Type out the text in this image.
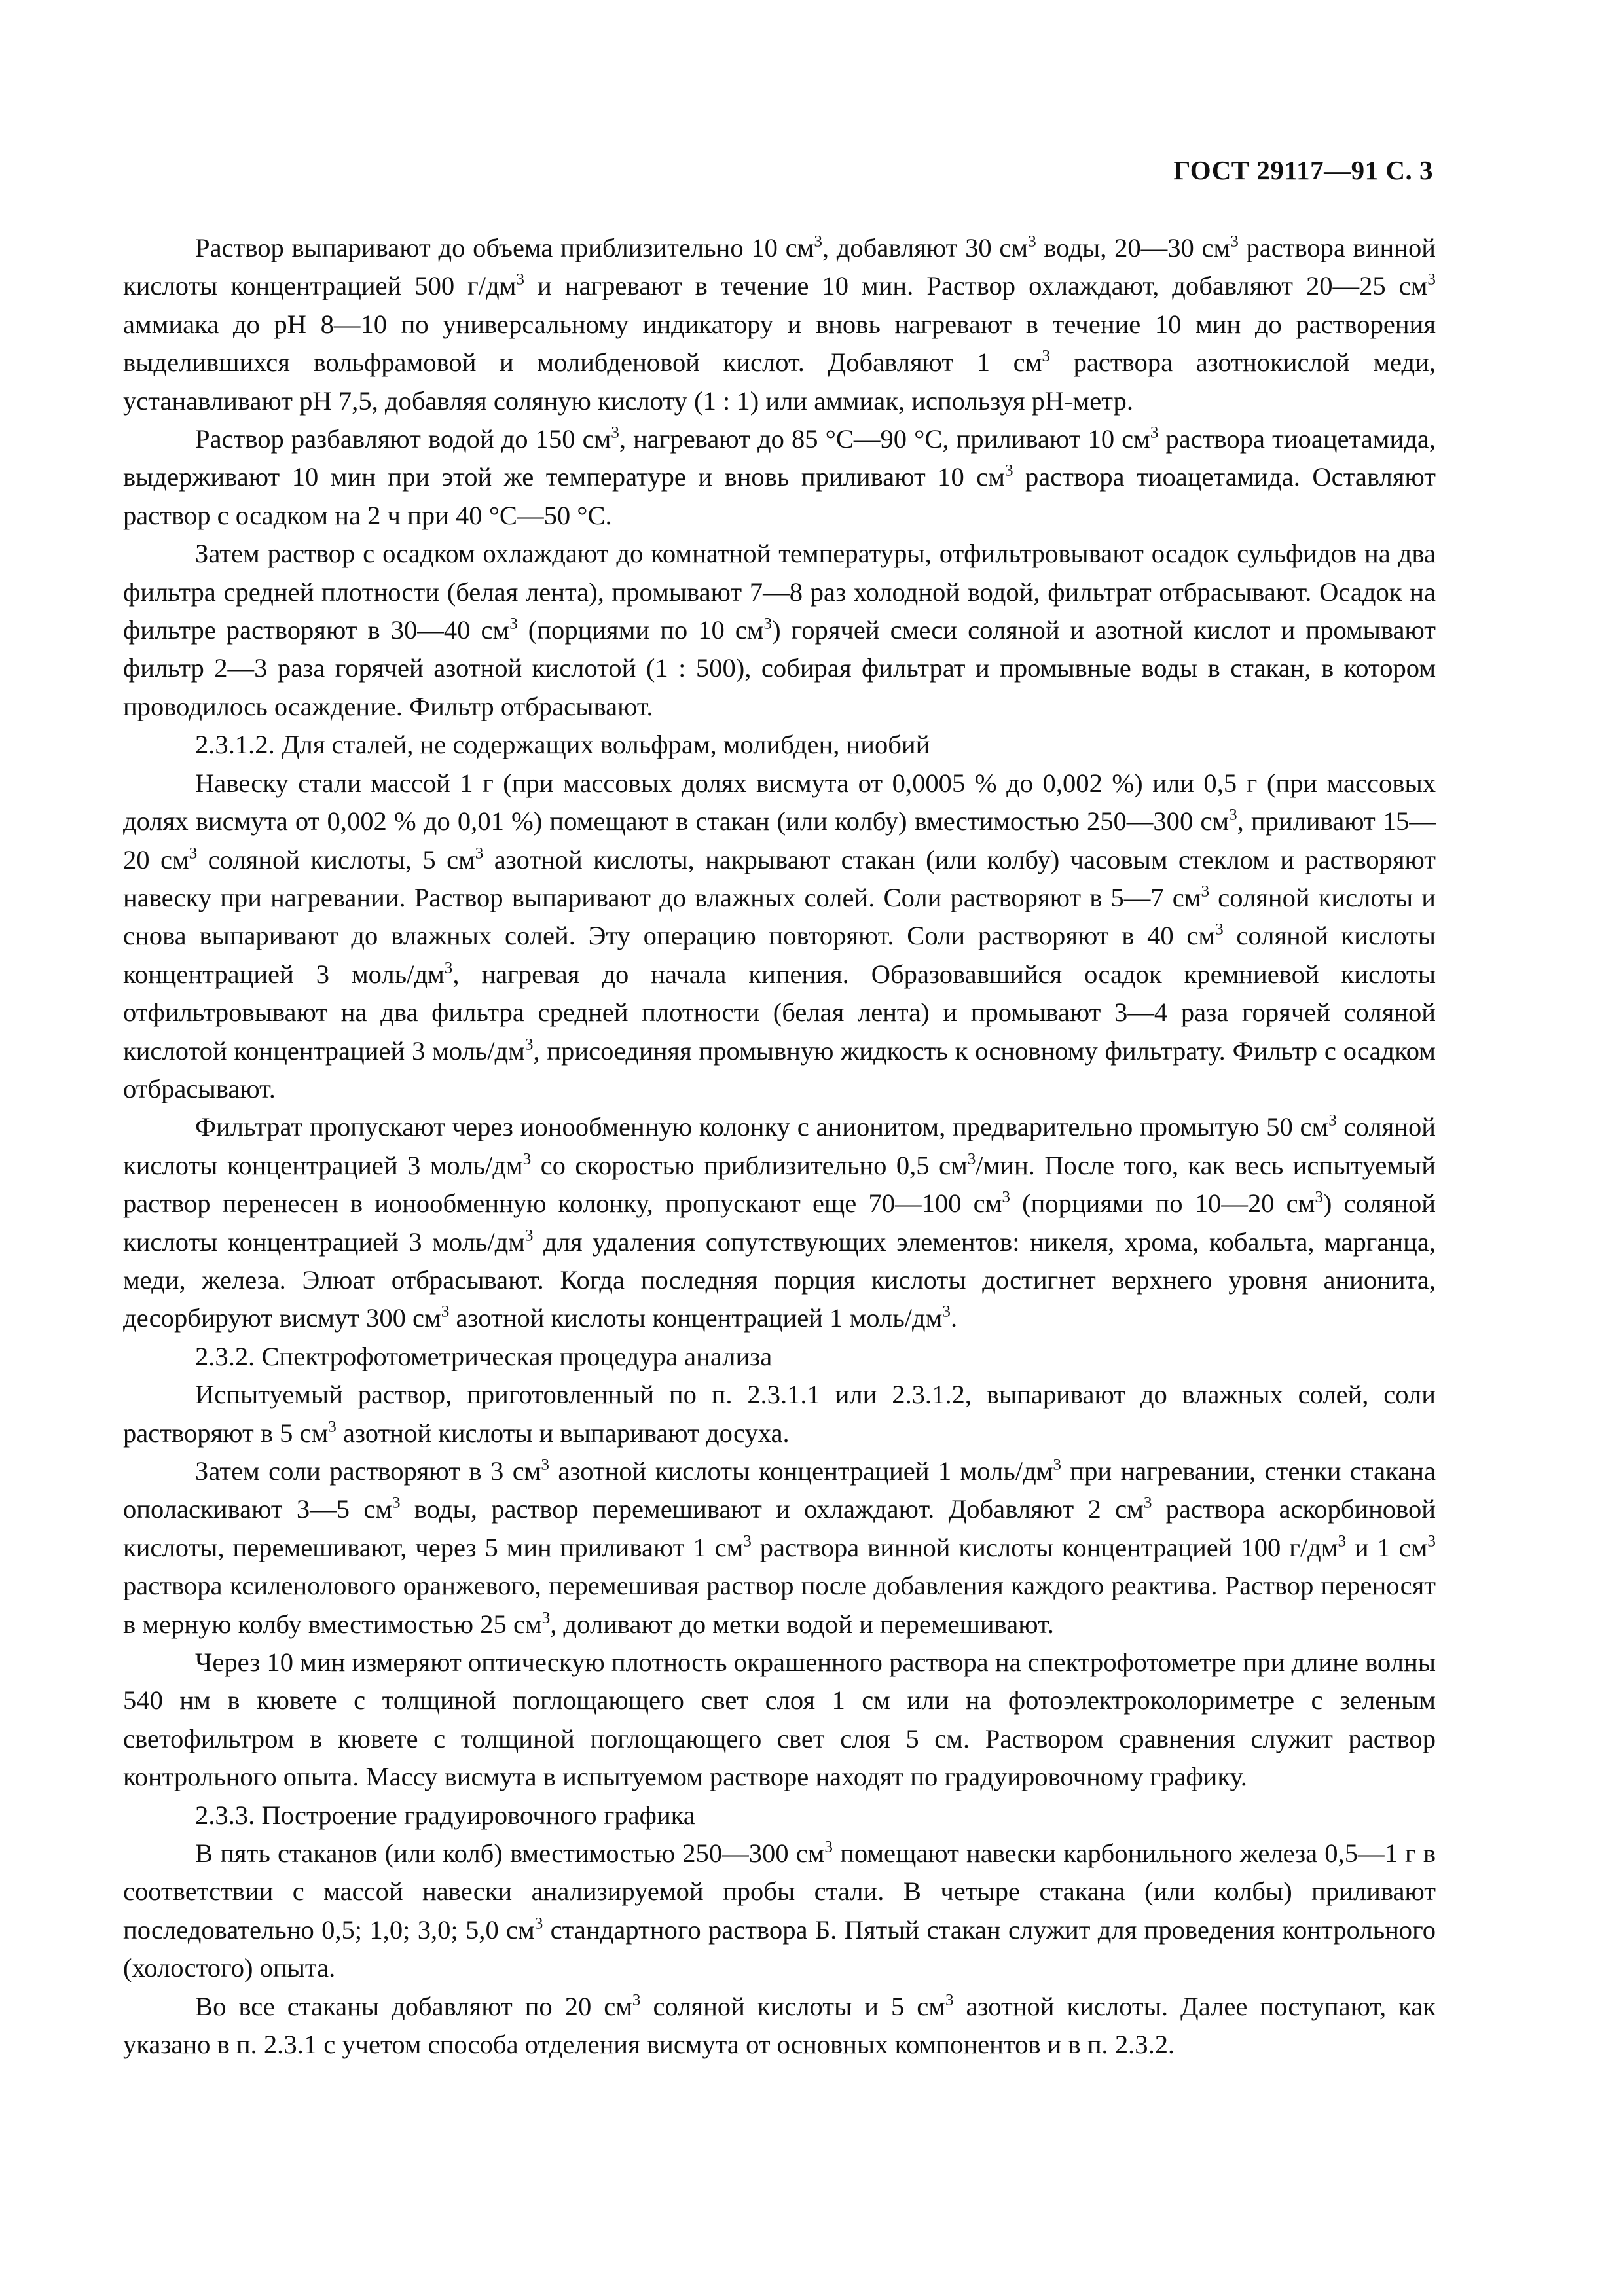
ГОСТ 29117—91 С. 3

Раствор выпаривают до объема приблизительно 10 $см^3$, добавляют 30 $см^3$ воды, 20—30 $см^3$ раствора винной кислоты концентрацией 500 $г/дм^3$ и нагревают в течение 10 мин. Раствор охлаждают, добавляют 20—25 $см^3$ аммиака до pH 8—10 по универсальному индикатору и вновь нагревают в течение 10 мин до растворения выделившихся вольфрамовой и молибденовой кислот. Добавляют 1 $см^3$ раствора азотнокислой меди, устанавливают pH 7,5, добавляя соляную кислоту (1 : 1) или аммиак, используя pH-метр.

Раствор разбавляют водой до 150 $см^3$, нагревают до 85 °С—90 °С, приливают 10 $см^3$ раствора тиоацетамида, выдерживают 10 мин при этой же температуре и вновь приливают 10 $см^3$ раствора тиоацетамида. Оставляют раствор с осадком на 2 ч при 40 °С—50 °С.

Затем раствор с осадком охлаждают до комнатной температуры, отфильтровывают осадок сульфидов на два фильтра средней плотности (белая лента), промывают 7—8 раз холодной водой, фильтрат отбрасывают. Осадок на фильтре растворяют в 30—40 $см^3$ (порциями по 10 $см^3$) горячей смеси соляной и азотной кислот и промывают фильтр 2—3 раза горячей азотной кислотой (1 : 500), собирая фильтрат и промывные воды в стакан, в котором проводилось осаждение. Фильтр отбрасывают.

2.3.1.2. Для сталей, не содержащих вольфрам, молибден, ниобий

Навеску стали массой 1 г (при массовых долях висмута от 0,0005 % до 0,002 %) или 0,5 г (при массовых долях висмута от 0,002 % до 0,01 %) помещают в стакан (или колбу) вместимостью 250—300 $см^3$, приливают 15—20 $см^3$ соляной кислоты, 5 $см^3$ азотной кислоты, накрывают стакан (или колбу) часовым стеклом и растворяют навеску при нагревании. Раствор выпаривают до влажных солей. Соли растворяют в 5—7 $см^3$ соляной кислоты и снова выпаривают до влажных солей. Эту операцию повторяют. Соли растворяют в 40 $см^3$ соляной кислоты концентрацией 3 моль/$дм^3$, нагревая до начала кипения. Образовавшийся осадок кремниевой кислоты отфильтровывают на два фильтра средней плотности (белая лента) и промывают 3—4 раза горячей соляной кислотой концентрацией 3 моль/$дм^3$, присоединяя промывную жидкость к основному фильтрату. Фильтр с осадком отбрасывают.

Фильтрат пропускают через ионообменную колонку с анионитом, предварительно промытую 50 $см^3$ соляной кислоты концентрацией 3 моль/$дм^3$ со скоростью приблизительно 0,5 $см^3$/мин. После того, как весь испытуемый раствор перенесен в ионообменную колонку, пропускают еще 70—100 $см^3$ (порциями по 10—20 $см^3$) соляной кислоты концентрацией 3 моль/$дм^3$ для удаления сопутствующих элементов: никеля, хрома, кобальта, марганца, меди, железа. Элюат отбрасывают. Когда последняя порция кислоты достигнет верхнего уровня анионита, десорбируют висмут 300 $см^3$ азотной кислоты концентрацией 1 моль/$дм^3$.

2.3.2. Спектрофотометрическая процедура анализа

Испытуемый раствор, приготовленный по п. 2.3.1.1 или 2.3.1.2, выпаривают до влажных солей, соли растворяют в 5 $см^3$ азотной кислоты и выпаривают досуха.

Затем соли растворяют в 3 $см^3$ азотной кислоты концентрацией 1 моль/$дм^3$ при нагревании, стенки стакана ополаскивают 3—5 $см^3$ воды, раствор перемешивают и охлаждают. Добавляют 2 $см^3$ раствора аскорбиновой кислоты, перемешивают, через 5 мин приливают 1 $см^3$ раствора винной кислоты концентрацией 100 $г/дм^3$ и 1 $см^3$ раствора ксиленолового оранжевого, перемешивая раствор после добавления каждого реактива. Раствор переносят в мерную колбу вместимостью 25 $см^3$, доливают до метки водой и перемешивают.

Через 10 мин измеряют оптическую плотность окрашенного раствора на спектрофотометре при длине волны 540 нм в кювете с толщиной поглощающего свет слоя 1 см или на фотоэлектроколориметре с зеленым светофильтром в кювете с толщиной поглощающего свет слоя 5 см. Раствором сравнения служит раствор контрольного опыта. Массу висмута в испытуемом растворе находят по градуировочному графику.

2.3.3. Построение градуировочного графика

В пять стаканов (или колб) вместимостью 250—300 $см^3$ помещают навески карбонильного железа 0,5—1 г в соответствии с массой навески анализируемой пробы стали. В четыре стакана (или колбы) приливают последовательно 0,5; 1,0; 3,0; 5,0 $см^3$ стандартного раствора Б. Пятый стакан служит для проведения контрольного (холостого) опыта.

Во все стаканы добавляют по 20 $см^3$ соляной кислоты и 5 $см^3$ азотной кислоты. Далее поступают, как указано в п. 2.3.1 с учетом способа отделения висмута от основных компонентов и в п. 2.3.2.
